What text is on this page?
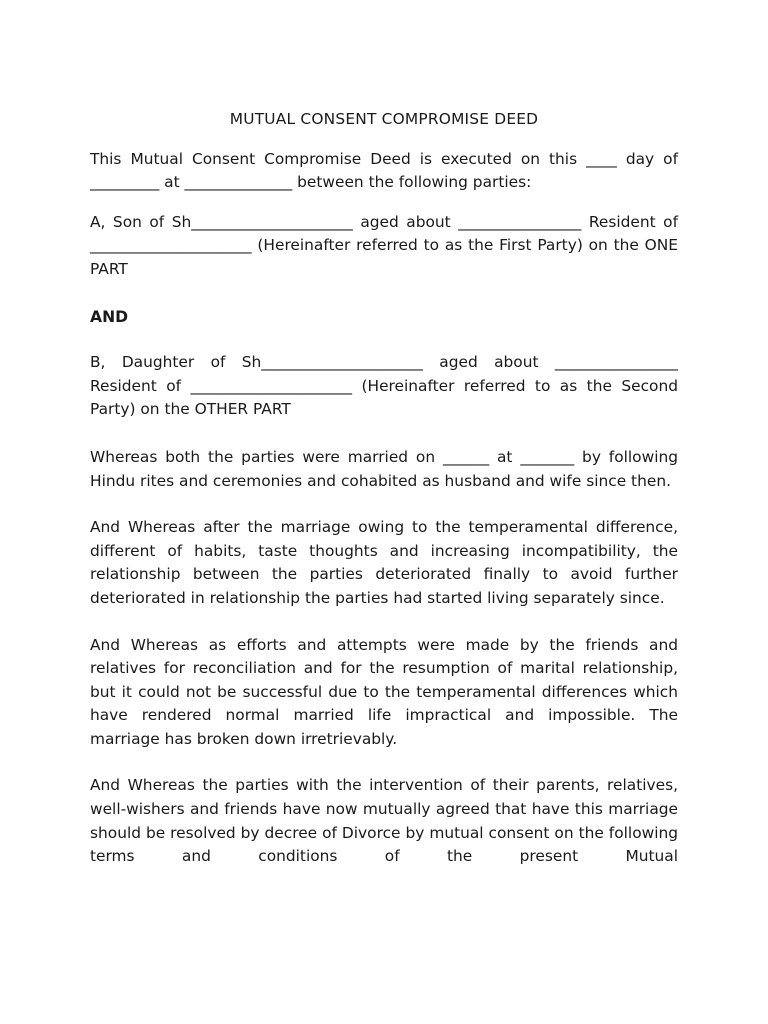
MUTUAL CONSENT COMPROMISE DEED

This Mutual Consent Compromise Deed is executed on this ____ day of _________ at ______________ between the following parties:

A, Son of Sh_____________________ aged about ________________ Resident of _____________________ (Hereinafter referred to as the First Party) on the ONE PART

AND

B, Daughter of Sh_____________________ aged about ________________ Resident of _____________________ (Hereinafter referred to as the Second Party) on the OTHER PART

Whereas both the parties were married on ______ at _______ by following Hindu rites and ceremonies and cohabited as husband and wife since then.

And Whereas after the marriage owing to the temperamental difference, different of habits, taste thoughts and increasing incompatibility, the relationship between the parties deteriorated finally to avoid further deteriorated in relationship the parties had started living separately since.

And Whereas as efforts and attempts were made by the friends and relatives for reconciliation and for the resumption of marital relationship, but it could not be successful due to the temperamental differences which have rendered normal married life impractical and impossible. The marriage has broken down irretrievably.

And Whereas the parties with the intervention of their parents, relatives, well-wishers and friends have now mutually agreed that have this marriage should be resolved by decree of Divorce by mutual consent on the following terms and conditions of the present Mutual
